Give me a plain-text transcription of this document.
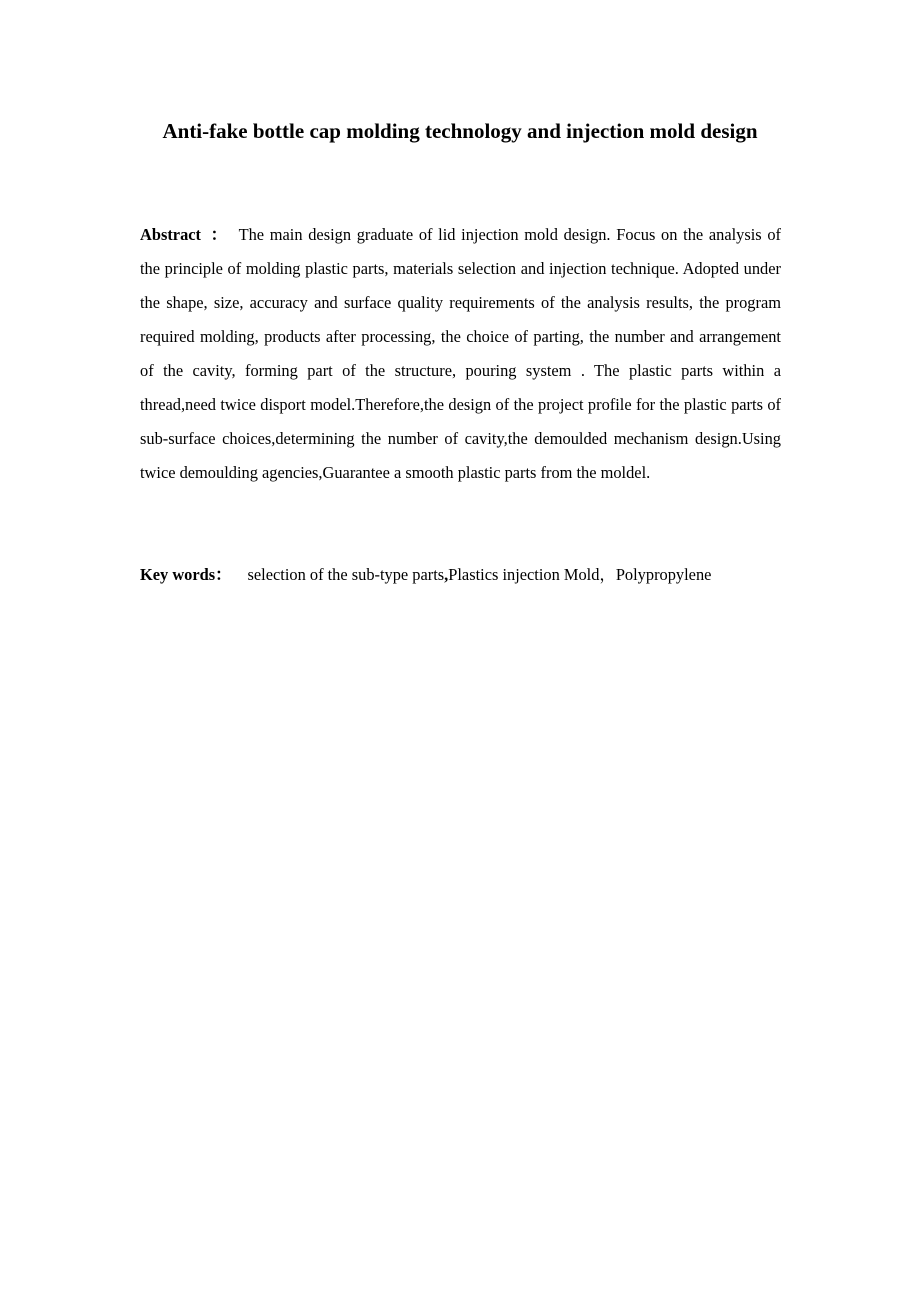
Anti-fake bottle cap molding technology and injection mold design

Abstract ： The main design graduate of lid injection mold design. Focus on the analysis of the principle of molding plastic parts, materials selection and injection technique. Adopted under the shape, size, accuracy and surface quality requirements of the analysis results, the program required molding, products after processing, the choice of parting, the number and arrangement of the cavity, forming part of the structure, pouring system . The plastic parts within a thread,need twice disport model.Therefore,the design of the project profile for the plastic parts of sub-surface choices,determining the number of cavity,the demoulded mechanism design.Using twice demoulding agencies,Guarantee a smooth plastic parts from the moldel.

Key words： selection of the sub-type parts,Plastics injection Mold，Polypropylene
